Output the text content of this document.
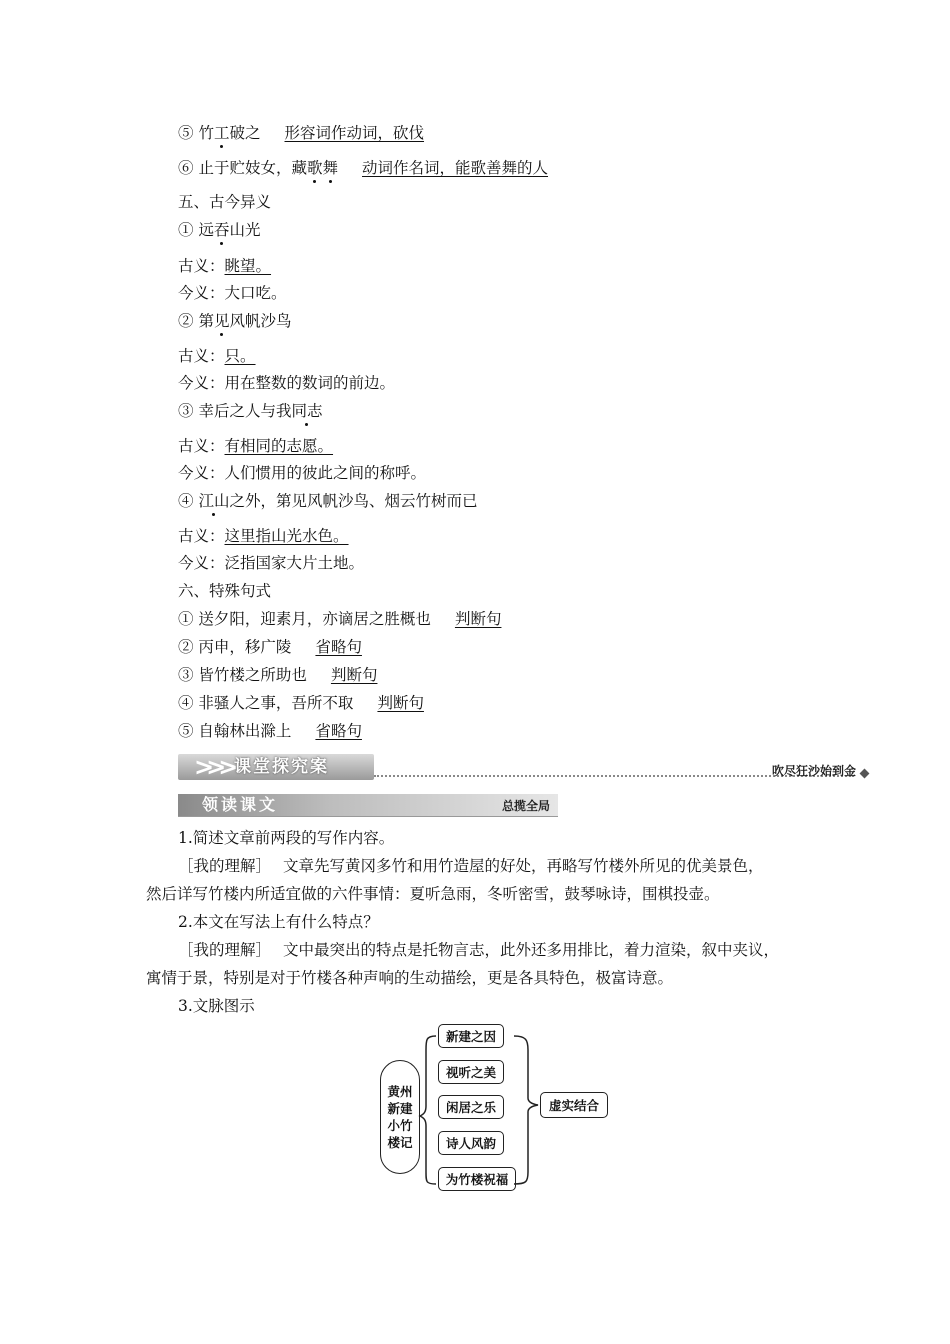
⑤ 竹工破之 形容词作动词，砍伐
⑥ 止于贮妓女，藏歌舞 动词作名词，能歌善舞的人
五、古今异义
① 远吞山光
古义：眺望。
今义：大口吃。
② 第见风帆沙鸟
古义：只。
今义：用在整数的数词的前边。
③ 幸后之人与我同志
古义：有相同的志愿。
今义：人们惯用的彼此之间的称呼。
④ 江山之外，第见风帆沙鸟、烟云竹树而已
古义：这里指山光水色。
今义：泛指国家大片土地。
六、特殊句式
① 送夕阳，迎素月，亦谪居之胜概也 判断句
② 丙申，移广陵 省略句
③ 皆竹楼之所助也 判断句
④ 非骚人之事，吾所不取 判断句
⑤ 自翰林出滁上 省略句
>>> 课堂探究案	吹尽狂沙始到金
领读课文	总揽全局
1.简述文章前两段的写作内容。
［我的理解］ 文章先写黄冈多竹和用竹造屋的好处，再略写竹楼外所见的优美景色，
然后详写竹楼内所适宜做的六件事情：夏听急雨，冬听密雪，鼓琴咏诗，围棋投壶。
2.本文在写法上有什么特点？
［我的理解］ 文中最突出的特点是托物言志，此外还多用排比，着力渲染，叙中夹议，
寓情于景，特别是对于竹楼各种声响的生动描绘，更是各具特色，极富诗意。
3.文脉图示
黄州
新建
小竹
楼记
新建之因
视听之美
闲居之乐
诗人风韵
为竹楼祝福
虚实结合
